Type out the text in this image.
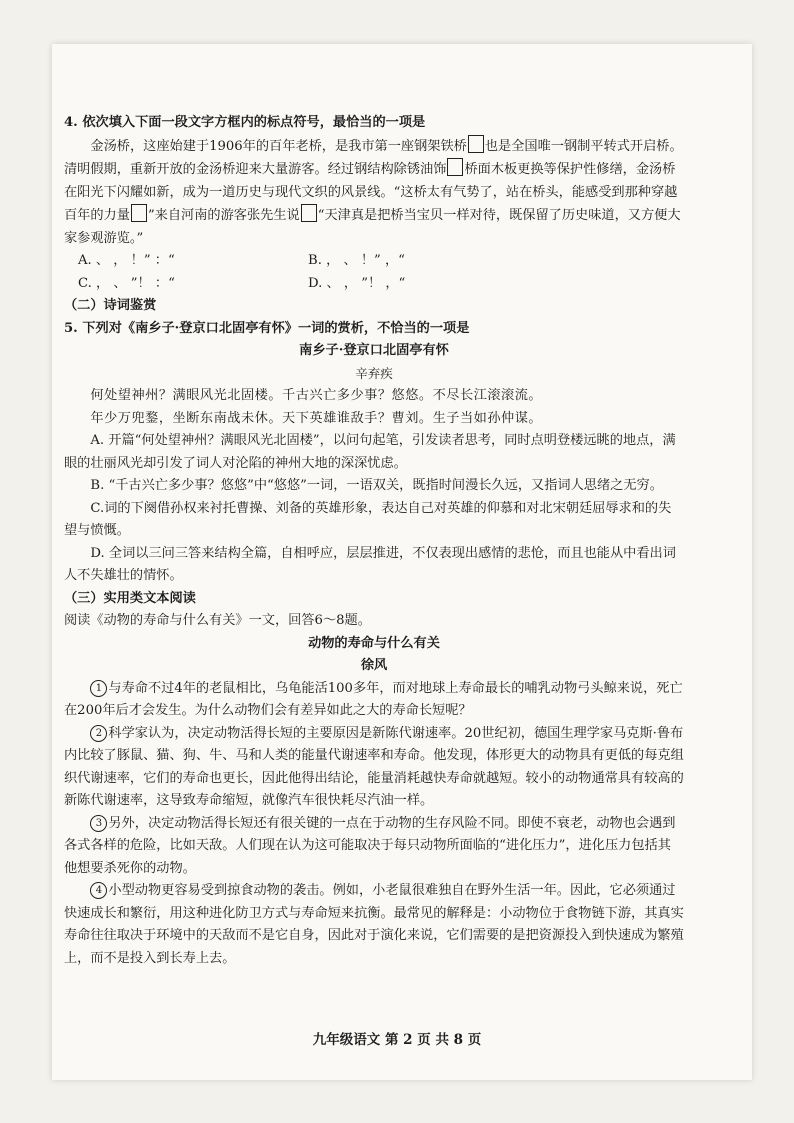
4. 依次填入下面一段文字方框内的标点符号，最恰当的一项是

金汤桥，这座始建于1906年的百年老桥，是我市第一座钢架铁桥 也是全国唯一钢制平转式开启桥。清明假期，重新开放的金汤桥迎来大量游客。经过钢结构除锈油饰 桥面木板更换等保护性修缮，金汤桥在阳光下闪耀如新，成为一道历史与现代文织的风景线。“这桥太有气势了，站在桥头，能感受到那种穿越百年的力量 ”来自河南的游客张先生说 “天津真是把桥当宝贝一样对待，既保留了历史味道，又方便大家参观游览。”

A. 、 ， ！” ：“	B. ， 、 ！” ，“
C. ， 、 ”！ ：“	D. 、 ， ”！ ，“

（二）诗词鉴赏

5. 下列对《南乡子·登京口北固亭有怀》一词的赏析，不恰当的一项是

南乡子·登京口北固亭有怀

辛弃疾

何处望神州？满眼风光北固楼。千古兴亡多少事？悠悠。不尽长江滚滚流。

年少万兜鍪，坐断东南战未休。天下英雄谁敌手？曹刘。生子当如孙仲谋。

A. 开篇“何处望神州？满眼风光北固楼”，以问句起笔，引发读者思考，同时点明登楼远眺的地点，满眼的壮丽风光却引发了词人对沦陷的神州大地的深深忧虑。

B. “千古兴亡多少事？悠悠”中“悠悠”一词，一语双关，既指时间漫长久远，又指词人思绪之无穷。

C.词的下阕借孙权来衬托曹操、刘备的英雄形象，表达自己对英雄的仰慕和对北宋朝廷屈辱求和的失望与愤慨。

D. 全词以三问三答来结构全篇，自相呼应，层层推进，不仅表现出感情的悲怆，而且也能从中看出词人不失雄壮的情怀。

（三）实用类文本阅读

阅读《动物的寿命与什么有关》一文，回答6～8题。

动物的寿命与什么有关

徐风

1 与寿命不过4年的老鼠相比，乌龟能活100多年，而对地球上寿命最长的哺乳动物弓头鲸来说，死亡在200年后才会发生。为什么动物们会有差异如此之大的寿命长短呢？

2 科学家认为，决定动物活得长短的主要原因是新陈代谢速率。20世纪初，德国生理学家马克斯·鲁布内比较了豚鼠、猫、狗、牛、马和人类的能量代谢速率和寿命。他发现，体形更大的动物具有更低的每克组织代谢速率，它们的寿命也更长，因此他得出结论，能量消耗越快寿命就越短。较小的动物通常具有较高的新陈代谢速率，这导致寿命缩短，就像汽车很快耗尽汽油一样。

3 另外，决定动物活得长短还有很关键的一点在于动物的生存风险不同。即使不衰老，动物也会遇到各式各样的危险，比如天敌。人们现在认为这可能取决于每只动物所面临的“进化压力”，进化压力包括其他想要杀死你的动物。

4 小型动物更容易受到掠食动物的袭击。例如，小老鼠很难独自在野外生活一年。因此，它必须通过快速成长和繁衍，用这种进化防卫方式与寿命短来抗衡。最常见的解释是：小动物位于食物链下游，其真实寿命往往取决于环境中的天敌而不是它自身，因此对于演化来说，它们需要的是把资源投入到快速成为繁殖上，而不是投入到长寿上去。

九年级语文 第 2 页 共 8 页
